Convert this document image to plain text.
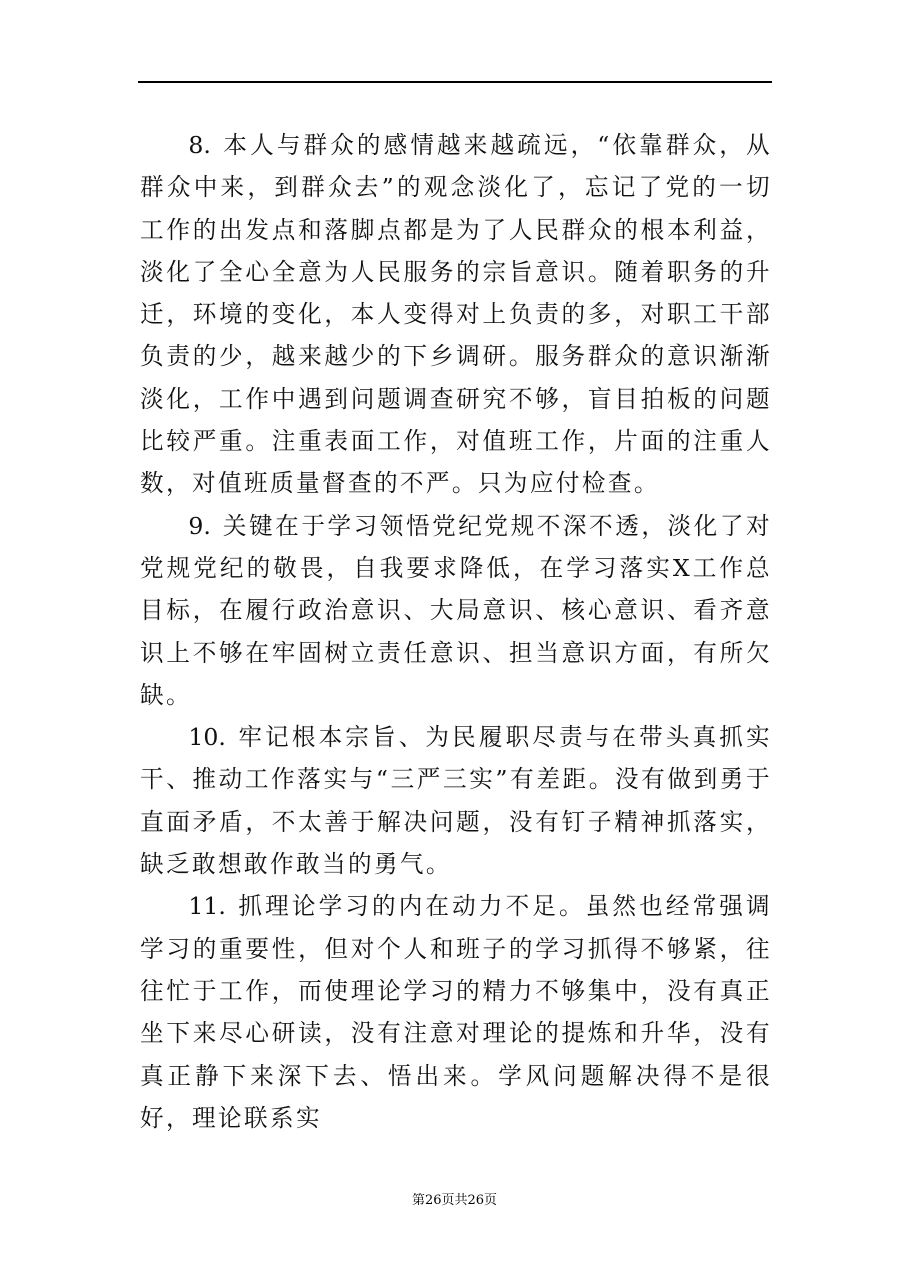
8. 本人与群众的感情越来越疏远，“依靠群众，从群众中来，到群众去”的观念淡化了，忘记了党的一切工作的出发点和落脚点都是为了人民群众的根本利益，淡化了全心全意为人民服务的宗旨意识。随着职务的升迁，环境的变化，本人变得对上负责的多，对职工干部负责的少，越来越少的下乡调研。服务群众的意识渐渐淡化，工作中遇到问题调查研究不够，盲目拍板的问题比较严重。注重表面工作，对值班工作，片面的注重人数，对值班质量督查的不严。只为应付检查。

9. 关键在于学习领悟党纪党规不深不透，淡化了对党规党纪的敬畏，自我要求降低，在学习落实X工作总目标，在履行政治意识、大局意识、核心意识、看齐意识上不够在牢固树立责任意识、担当意识方面，有所欠缺。

10. 牢记根本宗旨、为民履职尽责与在带头真抓实干、推动工作落实与“三严三实”有差距。没有做到勇于直面矛盾，不太善于解决问题，没有钉子精神抓落实，缺乏敢想敢作敢当的勇气。

11. 抓理论学习的内在动力不足。虽然也经常强调学习的重要性，但对个人和班子的学习抓得不够紧，往往忙于工作，而使理论学习的精力不够集中，没有真正坐下来尽心研读，没有注意对理论的提炼和升华，没有真正静下来深下去、悟出来。学风问题解决得不是很好，理论联系实

第26页共26页
